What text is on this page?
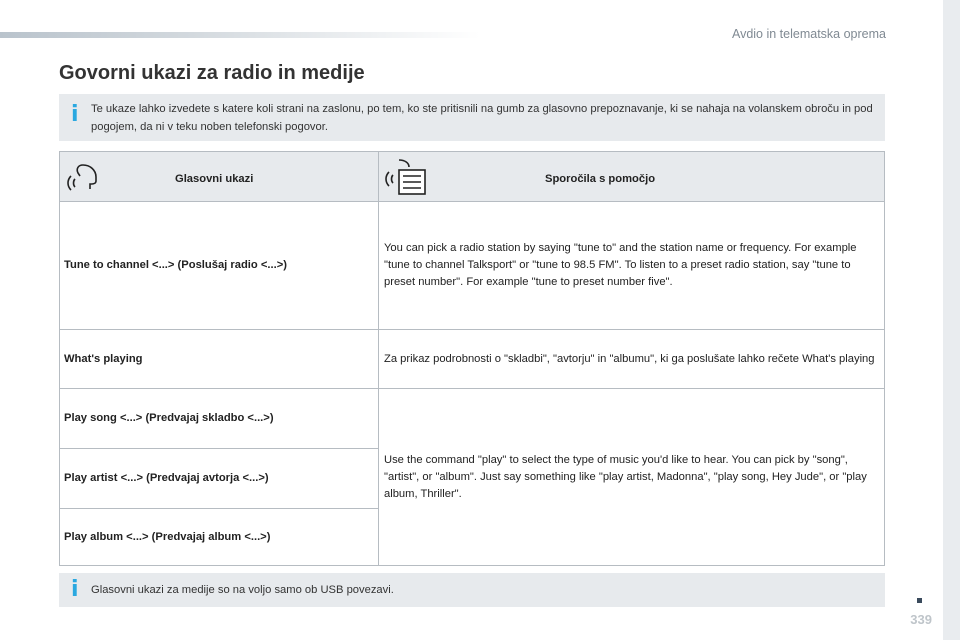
Avdio in telematska oprema
Govorni ukazi za radio in medije
i Te ukaze lahko izvedete s katere koli strani na zaslonu, po tem, ko ste pritisnili na gumb za glasovno prepoznavanje, ki se nahaja na volanskem obroču in pod pogojem, da ni v teku noben telefonski pogovor.
Glasovni ukazi	Sporočila s pomočjo
Tune to channel <...> (Poslušaj radio <...>)
You can pick a radio station by saying "tune to" and the station name or frequency. For example "tune to channel Talksport" or "tune to 98.5 FM". To listen to a preset radio station, say "tune to preset number". For example "tune to preset number five".
What's playing	Za prikaz podrobnosti o "skladbi", "avtorju" in "albumu", ki ga poslušate lahko rečete What's playing
Play song <...> (Predvajaj skladbo <...>)
Play artist <...> (Predvajaj avtorja <...>)
Play album <...> (Predvajaj album <...>)
Use the command "play" to select the type of music you'd like to hear. You can pick by "song", "artist", or "album". Just say something like "play artist, Madonna", "play song, Hey Jude", or "play album, Thriller".
i Glasovni ukazi za medije so na voljo samo ob USB povezavi.
339
